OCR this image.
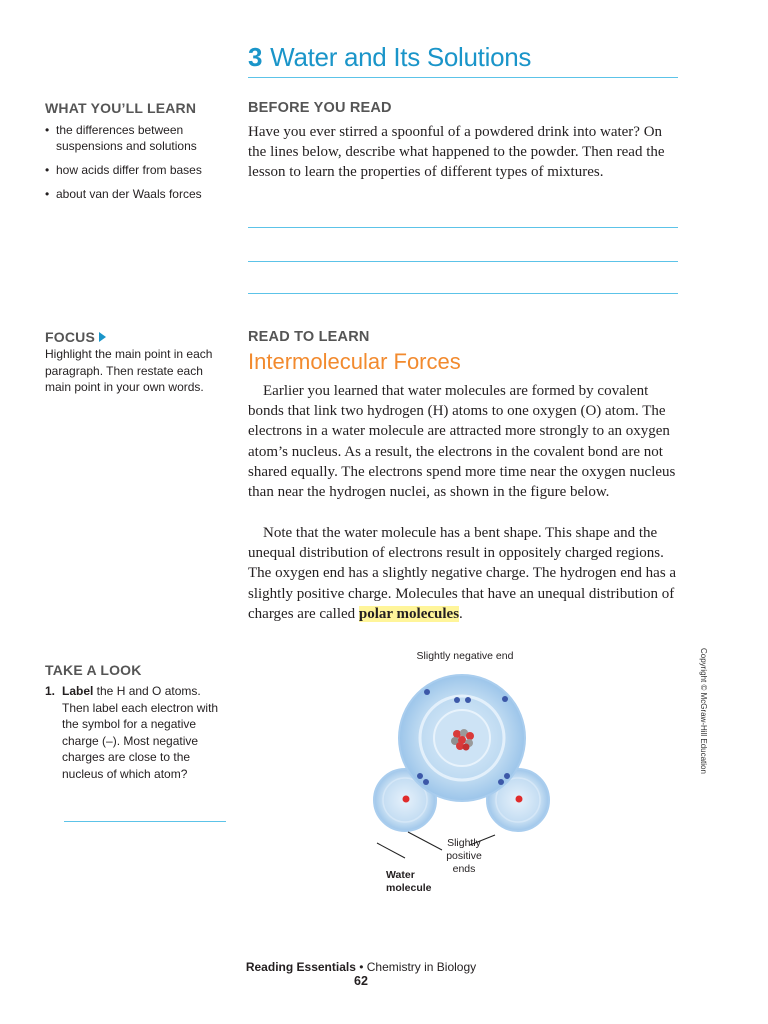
3 Water and Its Solutions
WHAT YOU’LL LEARN
• the differences between suspensions and solutions
• how acids differ from bases
• about van der Waals forces
BEFORE YOU READ
Have you ever stirred a spoonful of a powdered drink into water? On the lines below, describe what happened to the powder. Then read the lesson to learn the properties of different types of mixtures.
FOCUS
Highlight the main point in each paragraph. Then restate each main point in your own words.
READ TO LEARN
Intermolecular Forces
Earlier you learned that water molecules are formed by covalent bonds that link two hydrogen (H) atoms to one oxygen (O) atom. The electrons in a water molecule are attracted more strongly to an oxygen atom’s nucleus. As a result, the electrons in the covalent bond are not shared equally. The electrons spend more time near the oxygen nucleus than near the hydrogen nuclei, as shown in the figure below.
Note that the water molecule has a bent shape. This shape and the unequal distribution of electrons result in oppositely charged regions. The oxygen end has a slightly negative charge. The hydrogen end has a slightly positive charge. Molecules that have an unequal distribution of charges are called polar molecules.
TAKE A LOOK
1. Label the H and O atoms. Then label each electron with the symbol for a negative charge (–). Most negative charges are close to the nucleus of which atom?
Slightly negative end
Slightly
positive
ends
Water
molecule
Copyright © McGraw-Hill Education
Reading Essentials • Chemistry in Biology
62
